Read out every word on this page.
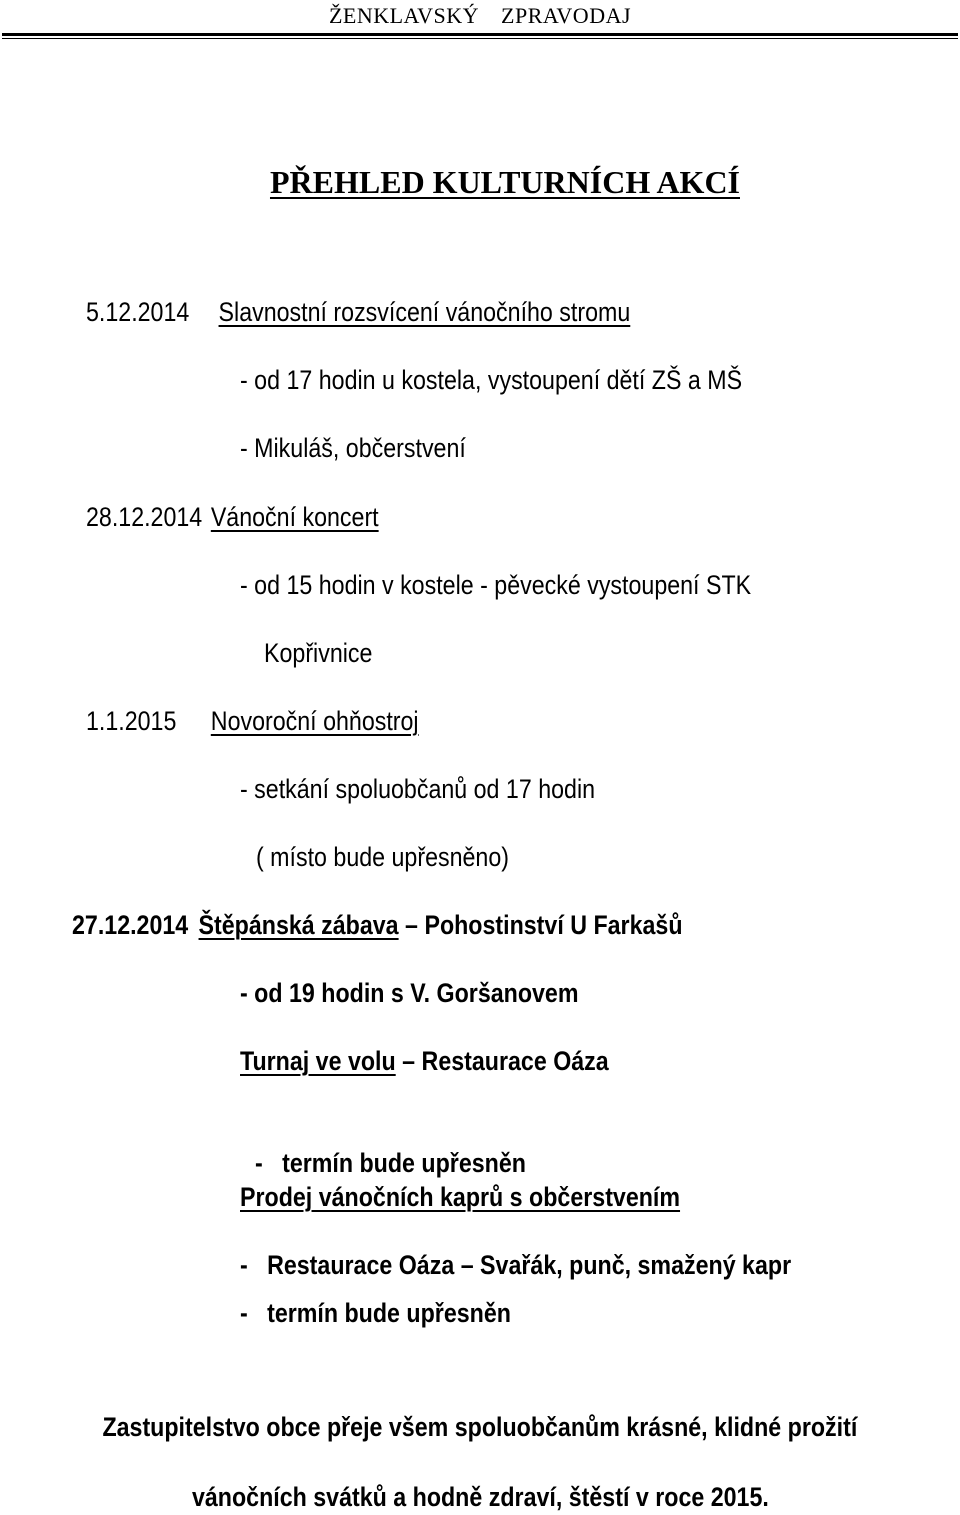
ŽENKLAVSKÝ ZPRAVODAJ
PŘEHLED KULTURNÍCH AKCÍ
5.12.2014 Slavnostní rozsvícení vánočního stromu
- od 17 hodin u kostela, vystoupení dětí ZŠ a MŠ
- Mikuláš, občerstvení
28.12.2014 Vánoční koncert
- od 15 hodin v kostele - pěvecké vystoupení STK
Kopřivnice
1.1.2015 Novoroční ohňostroj
- setkání spoluobčanů od 17 hodin
( místo bude upřesněno)
27.12.2014 Štěpánská zábava – Pohostinství U Farkašů
- od 19 hodin s V. Goršanovem
Turnaj ve volu – Restaurace Oáza

-   termín bude upřesněn

Prodej vánočních kaprů s občerstvením
-   Restaurace Oáza – Svařák, punč, smažený kapr
-   termín bude upřesněn
Zastupitelstvo obce přeje všem spoluobčanům krásné, klidné prožití
vánočních svátků a hodně zdraví, štěstí v roce 2015.
